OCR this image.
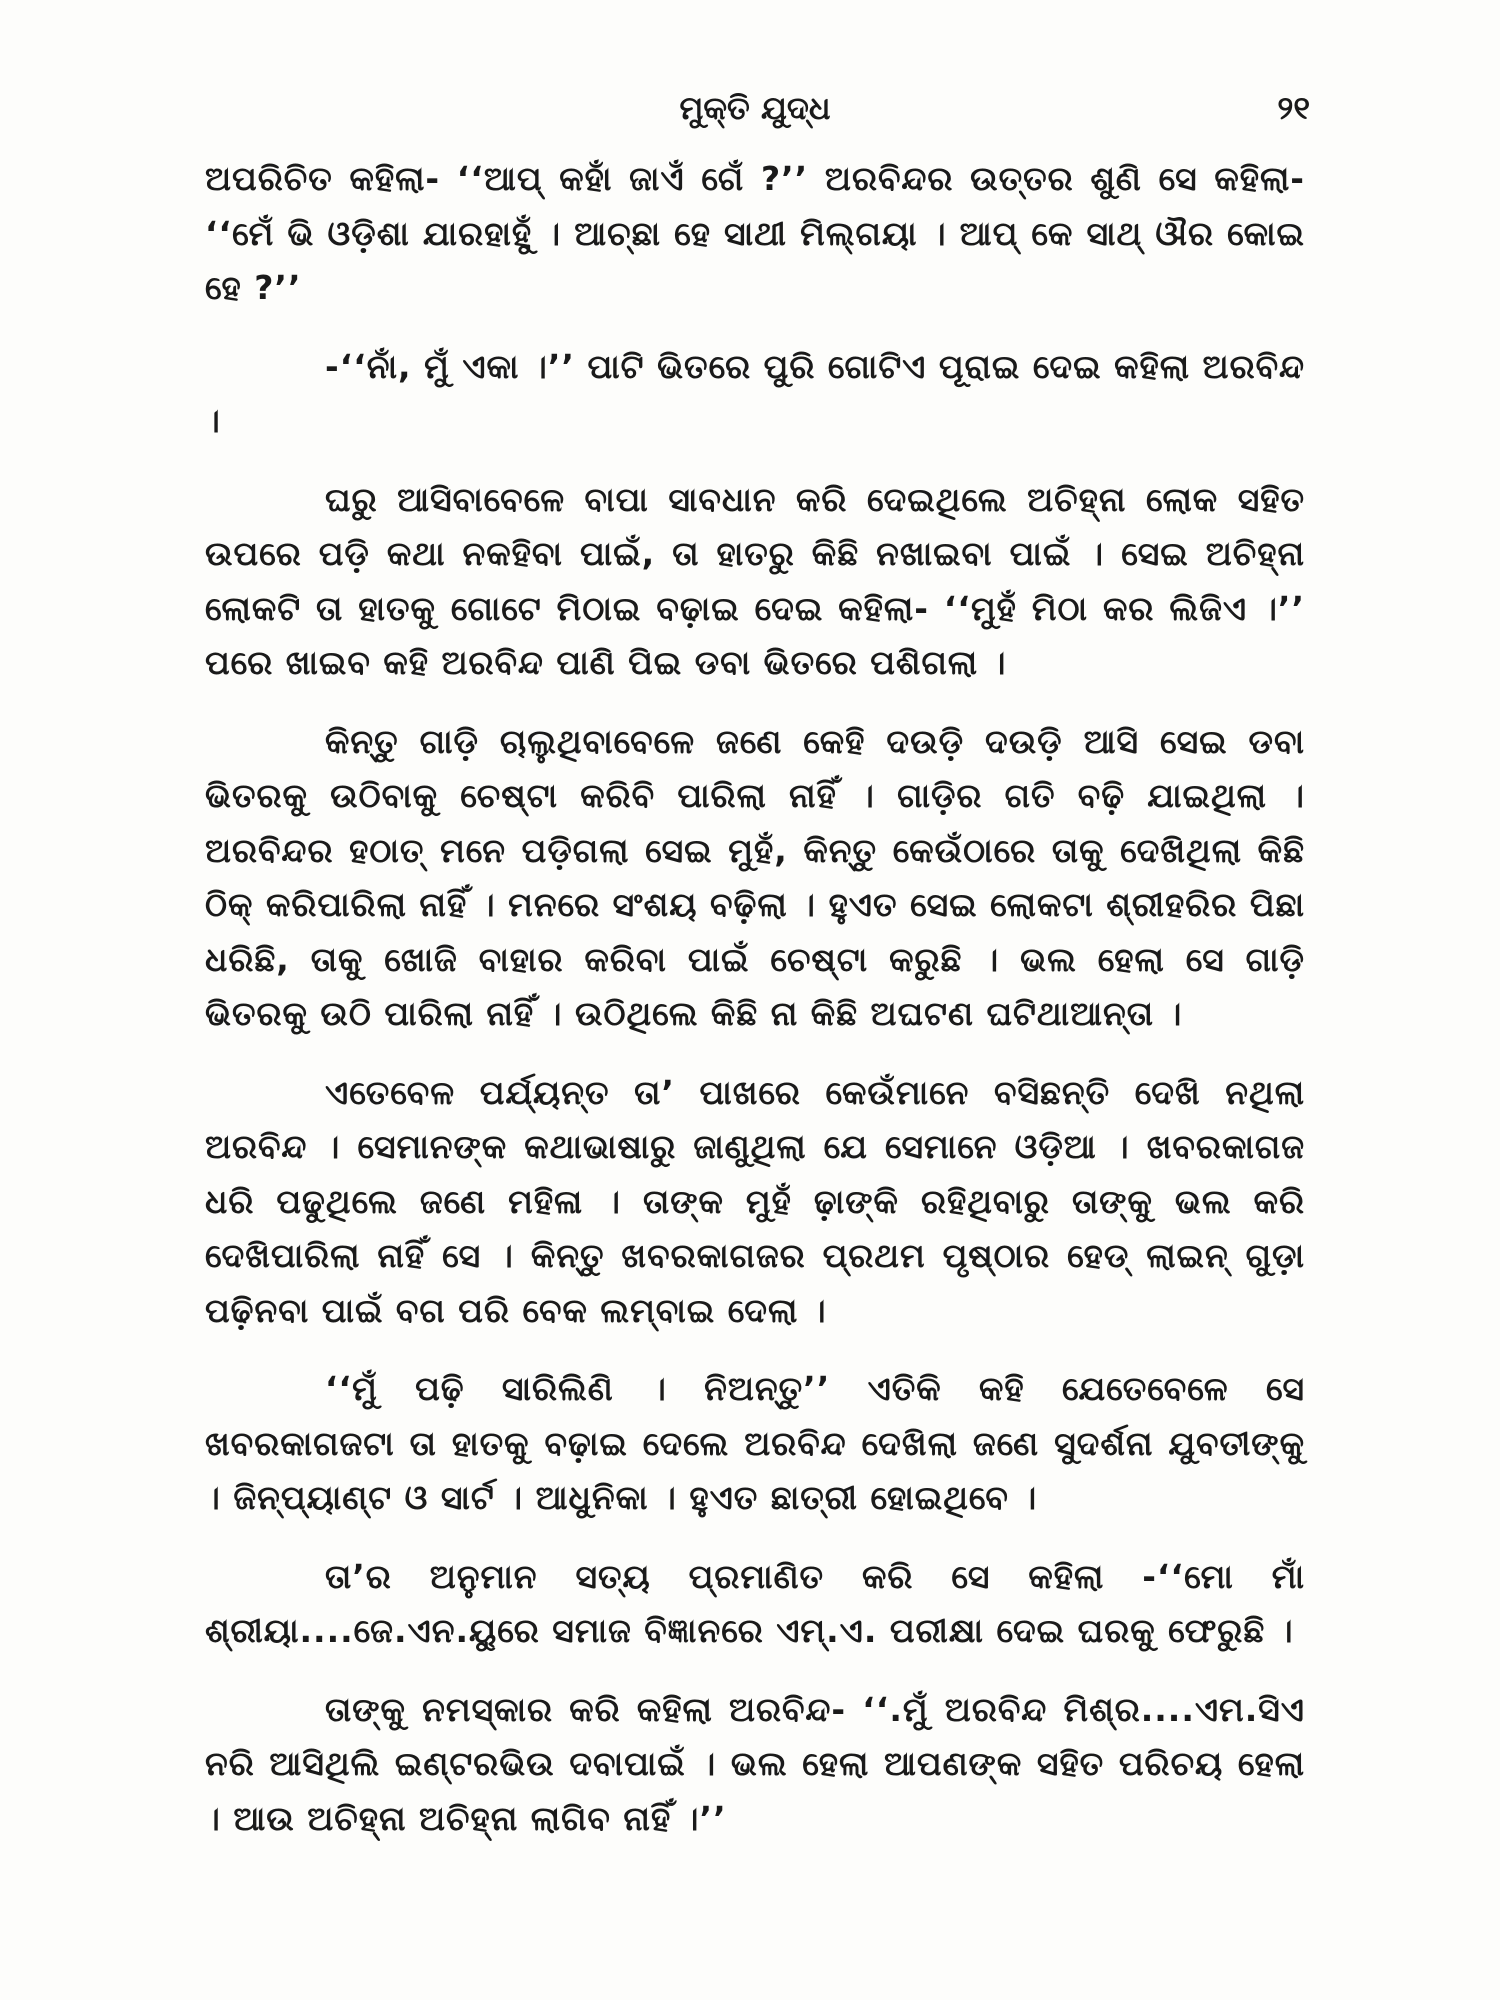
ମୁକ୍ତି ଯୁଦ୍ଧ	୨୧

ଅପରିଚିତ କହିଲା- ‘‘ଆପ୍ କହାଁ ଜାଏଁ ଗେଁ ?’’ ଅରବିନ୍ଦର ଉତ୍ତର ଶୁଣି ସେ କହିଲା- ‘‘ମେଁ ଭି ଓଡ଼ିଶା ଯାରହାହୁଁ । ଆଚ୍ଛା ହେ ସାଥୀ ମିଲ୍‌ଗୟା । ଆପ୍ କେ ସାଥ୍ ଔର କୋଇ ହେ ?’’

-‘‘ନାଁ, ମୁଁ ଏକା ।’’ ପାଟି ଭିତରେ ପୁରି ଗୋଟିଏ ପୂରାଇ ଦେଇ କହିଲା ଅରବିନ୍ଦ ।

ଘରୁ ଆସିବାବେଳେ ବାପା ସାବଧାନ କରି ଦେଇଥିଲେ ଅଚିହ୍ନା ଲୋକ ସହିତ ଉପରେ ପଡ଼ି କଥା ନକହିବା ପାଇଁ, ତା ହାତରୁ କିଛି ନଖାଇବା ପାଇଁ । ସେଇ ଅଚିହ୍ନା ଲୋକଟି ତା ହାତକୁ ଗୋଟେ ମିଠାଇ ବଢ଼ାଇ ଦେଇ କହିଲା- ‘‘ମୁହଁ ମିଠା କର ଲିଜିଏ ।’’ ପରେ ଖାଇବ କହି ଅରବିନ୍ଦ ପାଣି ପିଇ ଡବା ଭିତରେ ପଶିଗଲା ।

କିନ୍ତୁ ଗାଡ଼ି ଚାଲୁଥିବାବେଳେ ଜଣେ କେହି ଦଉଡ଼ି ଦଉଡ଼ି ଆସି ସେଇ ଡବା ଭିତରକୁ ଉଠିବାକୁ ଚେଷ୍ଟା କରିବି ପାରିଲା ନାହିଁ । ଗାଡ଼ିର ଗତି ବଢ଼ି ଯାଇଥିଲା । ଅରବିନ୍ଦର ହଠାତ୍ ମନେ ପଡ଼ିଗଲା ସେଇ ମୁହଁ, କିନ୍ତୁ କେଉଁଠାରେ ତାକୁ ଦେଖିଥିଲା କିଛି ଠିକ୍ କରିପାରିଲା ନାହିଁ । ମନରେ ସଂଶୟ ବଢ଼ିଲା । ହୁଏତ ସେଇ ଲୋକଟା ଶ୍ରୀହରିର ପିଛା ଧରିଛି, ତାକୁ ଖୋଜି ବାହାର କରିବା ପାଇଁ ଚେଷ୍ଟା କରୁଛି । ଭଲ ହେଲା ସେ ଗାଡ଼ି ଭିତରକୁ ଉଠି ପାରିଲା ନାହିଁ । ଉଠିଥିଲେ କିଛି ନା କିଛି ଅଘଟଣ ଘଟିଥାଆନ୍ତା ।

ଏତେବେଳ ପର୍ଯ୍ୟନ୍ତ ତା’ ପାଖରେ କେଉଁମାନେ ବସିଛନ୍ତି ଦେଖି ନଥିଲା ଅରବିନ୍ଦ । ସେମାନଙ୍କ କଥାଭାଷାରୁ ଜାଣୁଥିଲା ଯେ ସେମାନେ ଓଡ଼ିଆ । ଖବରକାଗଜ ଧରି ପଢୁଥିଲେ ଜଣେ ମହିଳା । ତାଙ୍କ ମୁହଁ ଢ଼ାଙ୍କି ରହିଥିବାରୁ ତାଙ୍କୁ ଭଲ କରି ଦେଖିପାରିଲା ନାହିଁ ସେ । କିନ୍ତୁ ଖବରକାଗଜର ପ୍ରଥମ ପୃଷ୍ଠାର ହେଡ୍ ଲାଇନ୍ ଗୁଡ଼ା ପଢ଼ିନବା ପାଇଁ ବଗ ପରି ବେକ ଲମ୍ବାଇ ଦେଲା ।

‘‘ମୁଁ ପଢ଼ି ସାରିଲିଣି । ନିଅନ୍ତୁ’’ ଏତିକି କହି ଯେତେବେଳେ ସେ ଖବରକାଗଜଟା ତା ହାତକୁ ବଢ଼ାଇ ଦେଲେ ଅରବିନ୍ଦ ଦେଖିଲା ଜଣେ ସୁଦର୍ଶନା ଯୁବତୀଙ୍କୁ । ଜିନ୍‌ପ୍ୟାଣ୍ଟ ଓ ସାର୍ଟ । ଆଧୁନିକା । ହୁଏତ ଛାତ୍ରୀ ହୋଇଥିବେ ।

ତା’ର ଅନୁମାନ ସତ୍ୟ ପ୍ରମାଣିତ କରି ସେ କହିଲା -‘‘ମୋ ମାଁ ଶ୍ରୀୟା....ଜେ.ଏନ.ୟୁରେ ସମାଜ ବିଜ୍ଞାନରେ ଏମ୍.ଏ. ପରୀକ୍ଷା ଦେଇ ଘରକୁ ଫେରୁଛି ।

ତାଙ୍କୁ ନମସ୍କାର କରି କହିଲା ଅରବିନ୍ଦ- ‘‘.ମୁଁ ଅରବିନ୍ଦ ମିଶ୍ର....ଏମ.ସିଏ ନରି ଆସିଥିଲି ଇଣ୍ଟରଭିଉ ଦବାପାଇଁ । ଭଲ ହେଲା ଆପଣଙ୍କ ସହିତ ପରିଚୟ ହେଲା । ଆଉ ଅଚିହ୍ନା ଅଚିହ୍ନା ଲାଗିବ ନାହିଁ ।’’
